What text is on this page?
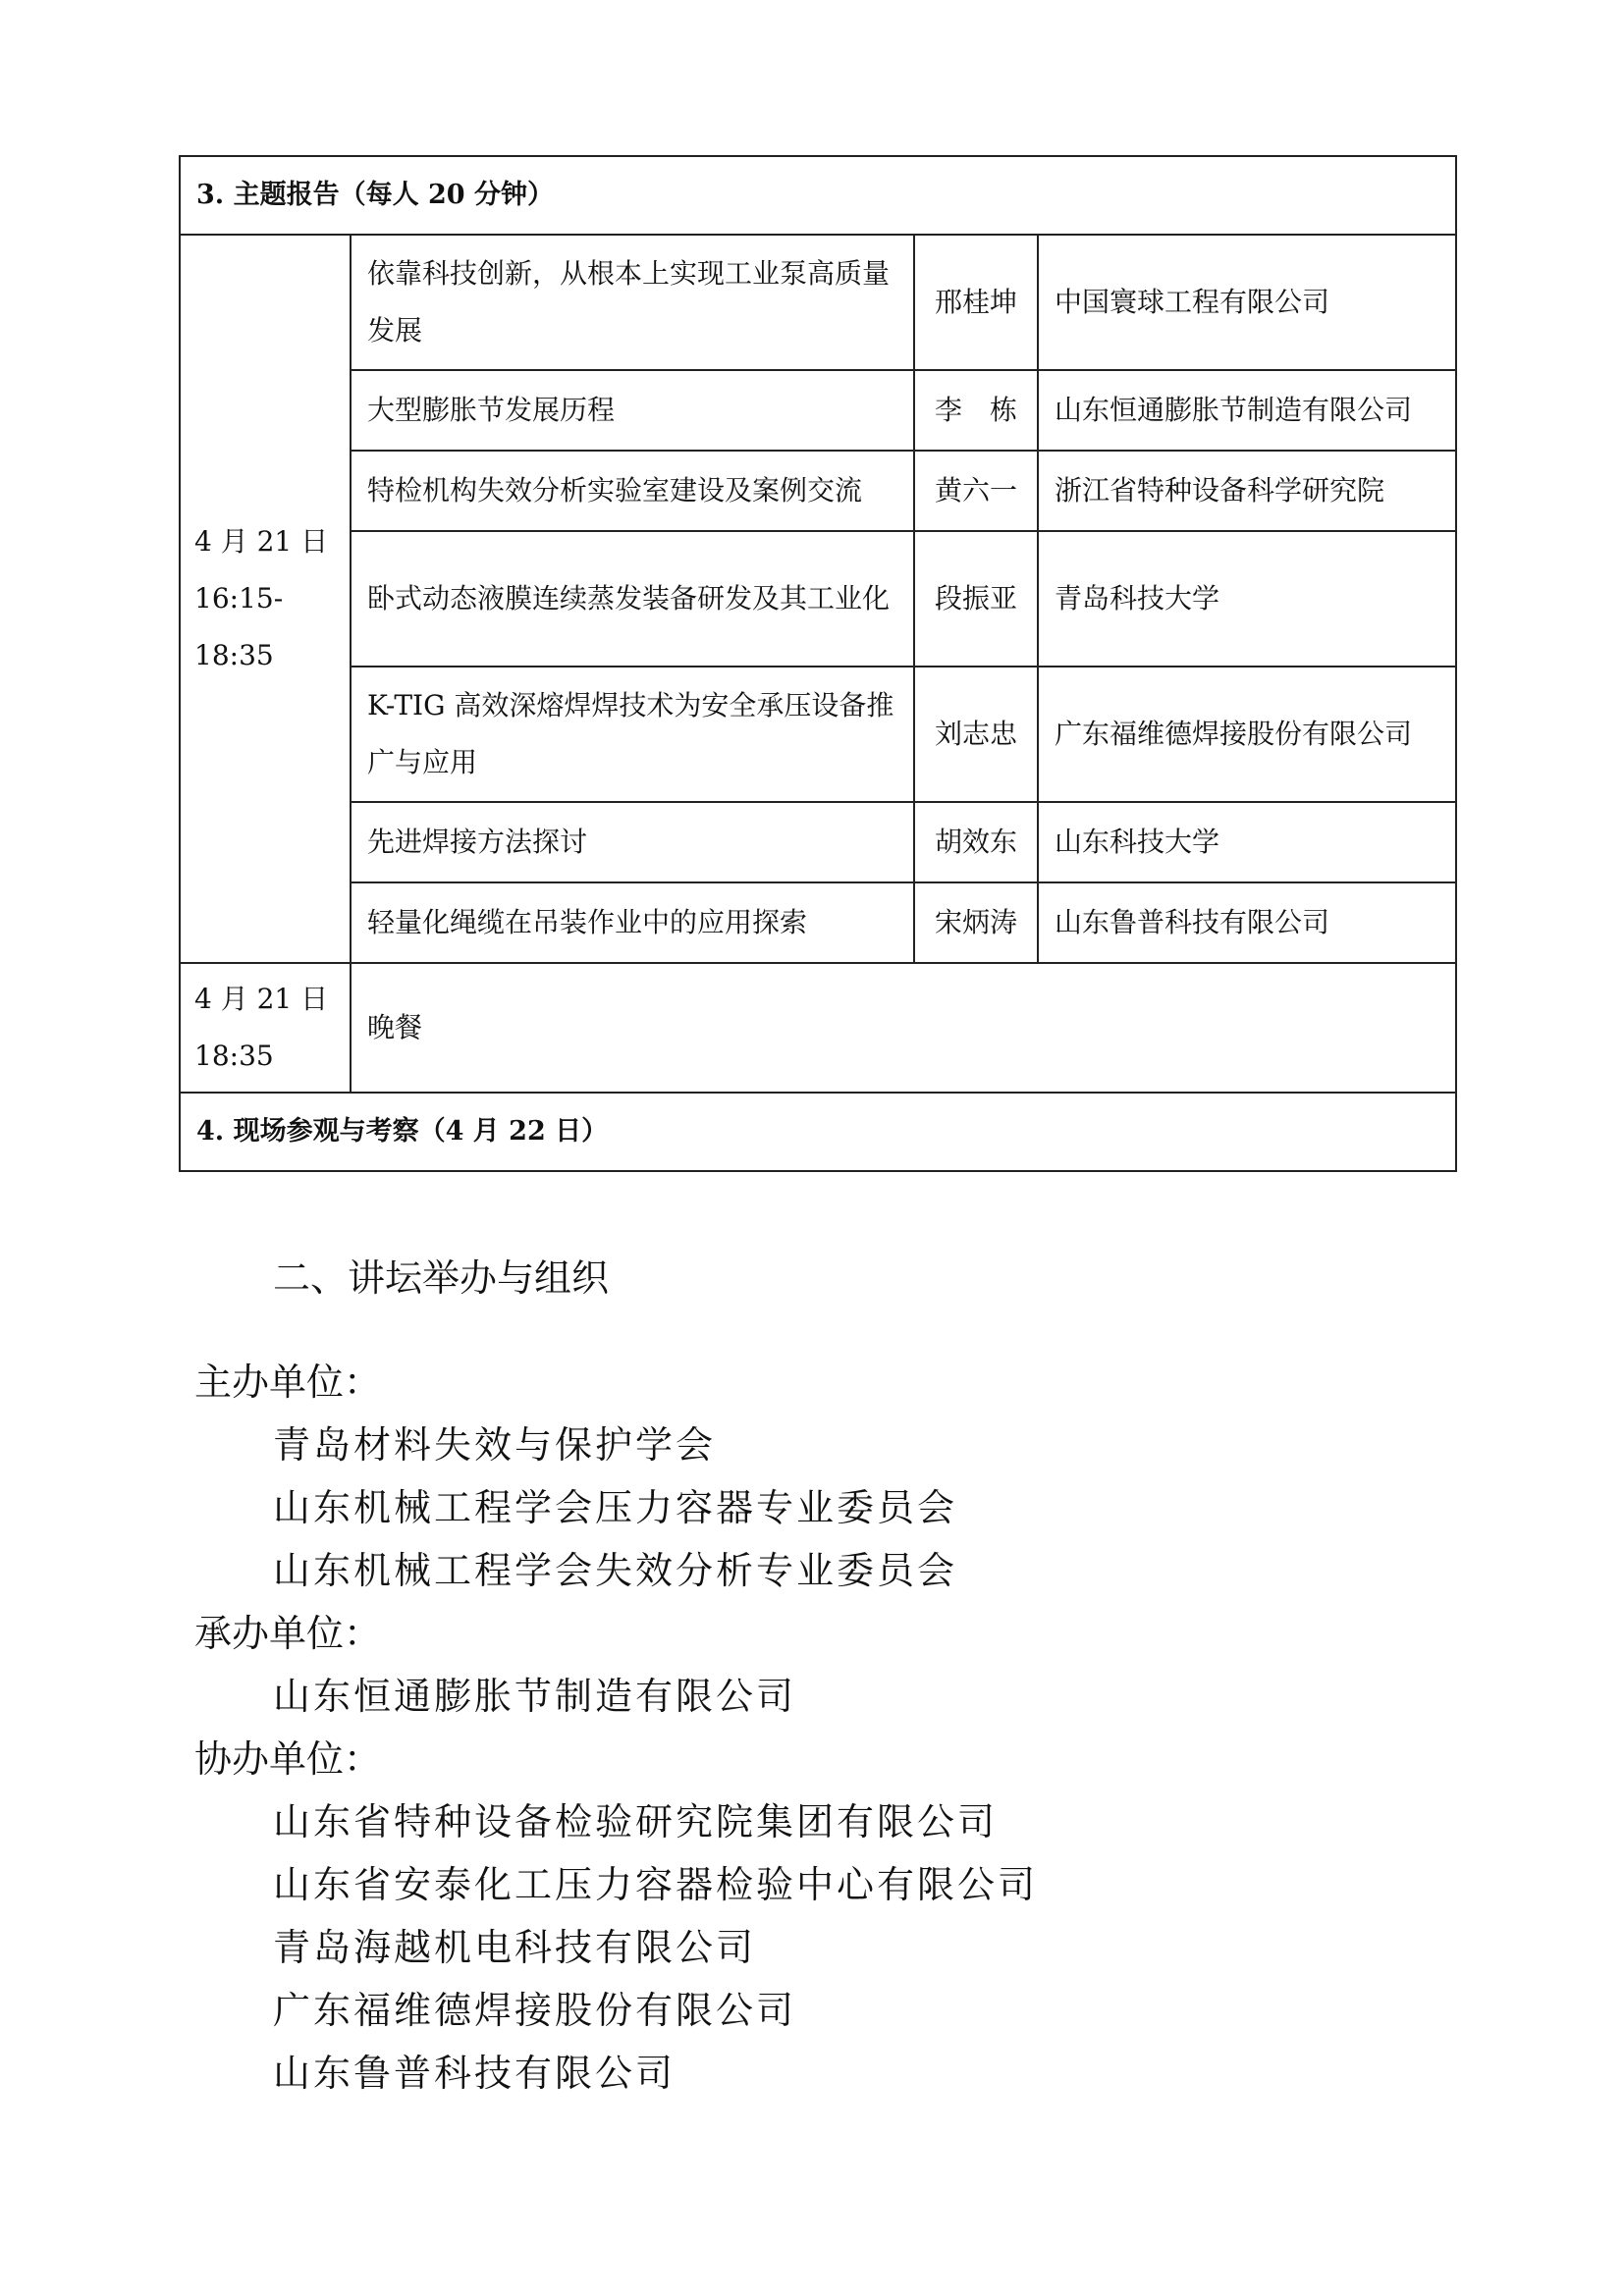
3. 主题报告（每人 20 分钟）			

4 月 21 日
16:15-18:35	依靠科技创新，从根本上实现工业泵高质量发展	邢桂坤	中国寰球工程有限公司
	大型膨胀节发展历程	李　栋	山东恒通膨胀节制造有限公司
	特检机构失效分析实验室建设及案例交流	黄六一	浙江省特种设备科学研究院
	卧式动态液膜连续蒸发装备研发及其工业化	段振亚	青岛科技大学
	K-TIG 高效深熔焊焊技术为安全承压设备推广与应用	刘志忠	广东福维德焊接股份有限公司
	先进焊接方法探讨	胡效东	山东科技大学
	轻量化绳缆在吊装作业中的应用探索	宋炳涛	山东鲁普科技有限公司

4 月 21 日
18:35	晚餐		
4. 现场参观与考察（4 月 22 日）			
二、讲坛举办与组织
主办单位：
青岛材料失效与保护学会
山东机械工程学会压力容器专业委员会
山东机械工程学会失效分析专业委员会
承办单位：
山东恒通膨胀节制造有限公司
协办单位：
山东省特种设备检验研究院集团有限公司
山东省安泰化工压力容器检验中心有限公司
青岛海越机电科技有限公司
广东福维德焊接股份有限公司
山东鲁普科技有限公司
